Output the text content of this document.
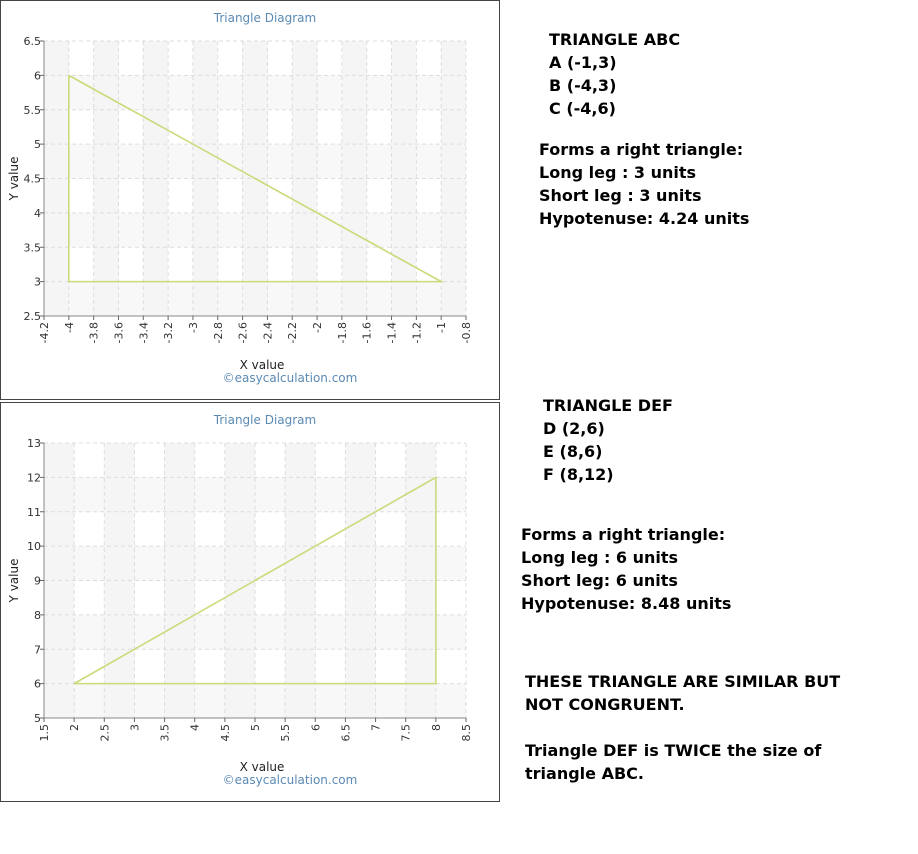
2.5
3
3.5
4
4.5
5
5.5
6
6.5
-4.2 -4 -3.8 -3.6 -3.4 -3.2 -3 -2.8 -2.6 -2.4 -2.2 -2 -1.8 -1.6 -1.4 -1.2 -1 -0.8
Triangle Diagram
X value
Y value
©easycalculation.com
5
6
7
8
9
10
11
12
13
1.5 2 2.5 3 3.5 4 4.5 5 5.5 6 6.5 7 7.5 8 8.5
Triangle Diagram
X value
Y value
©easycalculation.com
TRIANGLE ABC
A (-1,3)
B (-4,3)
C (-4,6)
Forms a right triangle:
Long leg : 3 units
Short leg : 3 units
Hypotenuse: 4.24 units
TRIANGLE DEF
D (2,6)
E (8,6)
F (8,12)
Forms a right triangle:
Long leg : 6 units
Short leg: 6 units
Hypotenuse: 8.48 units
THESE TRIANGLE ARE SIMILAR BUT
NOT CONGRUENT.
Triangle DEF is TWICE the size of
triangle ABC.
